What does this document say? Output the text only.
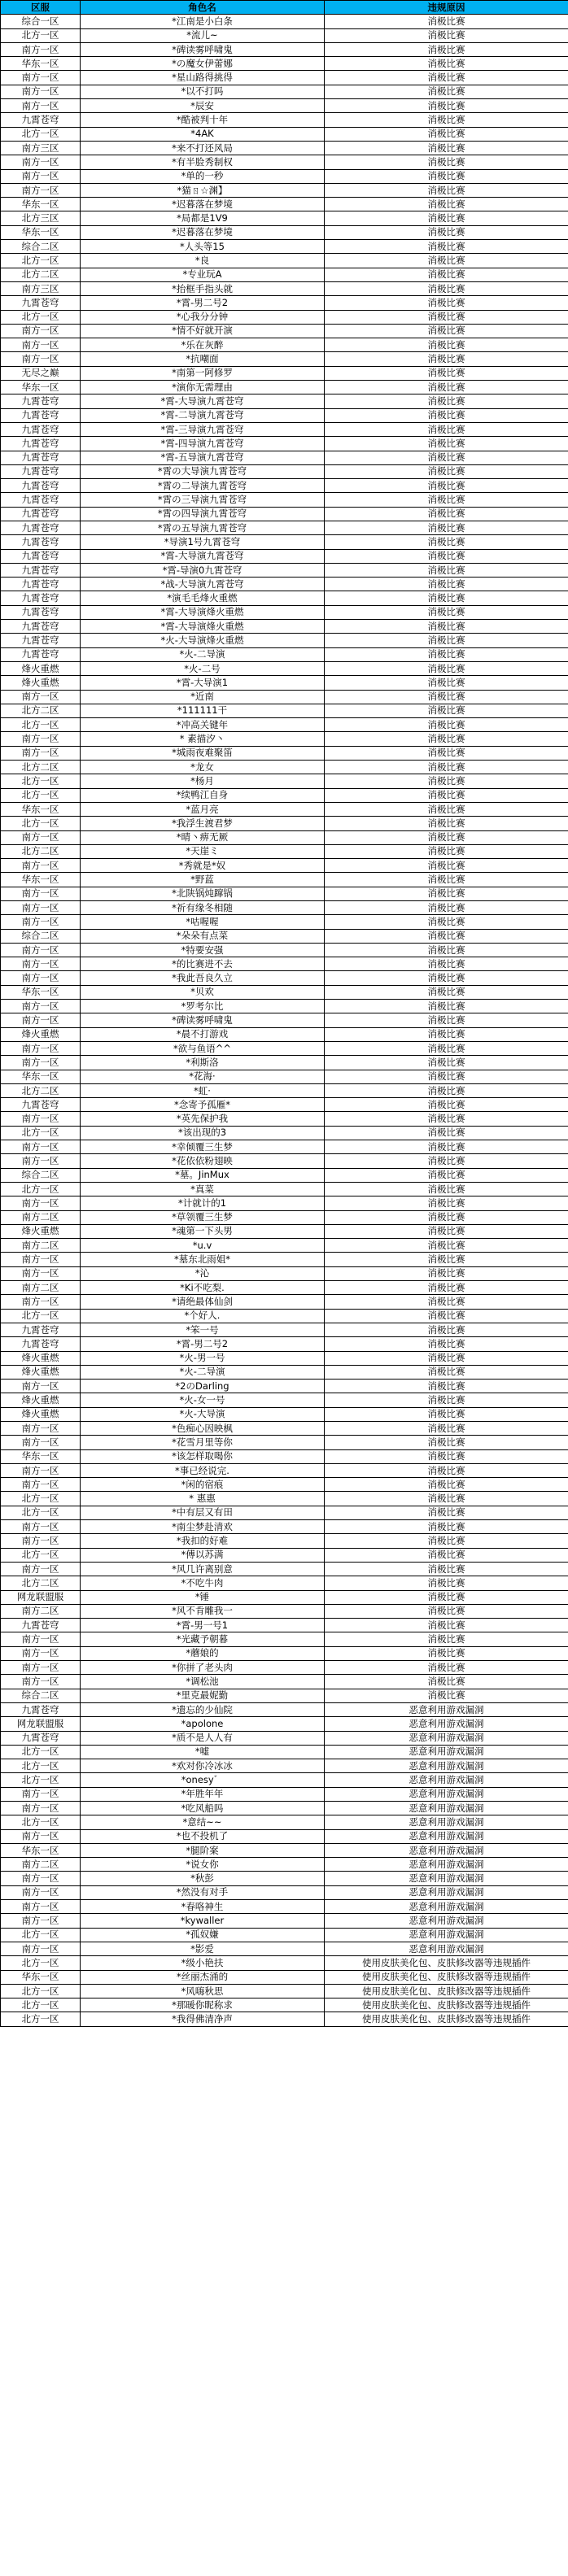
区服	角色名	违规原因
综合一区	*江南是小白条	消极比赛
北方一区	*流儿~	消极比赛
南方一区	*碑读雾呼啸鬼	消极比赛
华东一区	*の魔女伊蕾娜	消极比赛
南方一区	*星山路得挑得	消极比赛
南方一区	*以不打吗	消极比赛
南方一区	*辰安	消极比赛
九霄苍穹	*酷被判十年	消极比赛
北方一区	*4AK	消极比赛
南方三区	*来不打还风局	消极比赛
南方一区	*有半脸秀制权	消极比赛
南方一区	*单的一秒	消极比赛
南方一区	*猫ㄖ☆渊】	消极比赛
华东一区	*迟暮落在梦境	消极比赛
北方三区	*局都是1V9	消极比赛
华东一区	*迟暮落在梦境	消极比赛
综合二区	*人头等15	消极比赛
北方一区	*良	消极比赛
北方二区	*专业玩A	消极比赛
南方三区	*抬框手指头就	消极比赛
九霄苍穹	*霄-男二号2	消极比赛
北方一区	*心我分分钟	消极比赛
南方一区	*情不好就开演	消极比赛
南方一区	*乐在灰醉	消极比赛
南方一区	*抗嘲面	消极比赛
无尽之巅	*南第一阿修罗	消极比赛
华东一区	*演你无需理由	消极比赛
九霄苍穹	*霄-大导演九霄苍穹	消极比赛
九霄苍穹	*霄-二导演九霄苍穹	消极比赛
九霄苍穹	*霄-三导演九霄苍穹	消极比赛
九霄苍穹	*霄-四导演九霄苍穹	消极比赛
九霄苍穹	*霄-五导演九霄苍穹	消极比赛
九霄苍穹	*霄の大导演九霄苍穹	消极比赛
九霄苍穹	*霄の二导演九霄苍穹	消极比赛
九霄苍穹	*霄の三导演九霄苍穹	消极比赛
九霄苍穹	*霄の四导演九霄苍穹	消极比赛
九霄苍穹	*霄の五导演九霄苍穹	消极比赛
九霄苍穹	*导演1号九霄苍穹	消极比赛
九霄苍穹	*霄-大导演九霄苍穹	消极比赛
九霄苍穹	*霄-导演0九霄苍穹	消极比赛
九霄苍穹	*战-大导演九霄苍穹	消极比赛
九霄苍穹	*演毛毛烽火重燃	消极比赛
九霄苍穹	*霄-大导演烽火重燃	消极比赛
九霄苍穹	*霄-大导演烽火重燃	消极比赛
九霄苍穹	*火-大导演烽火重燃	消极比赛
九霄苍穹	*火-二导演	消极比赛
烽火重燃	*火-二号	消极比赛
烽火重燃	*霄-大导演1	消极比赛
南方一区	*近南	消极比赛
北方二区	*111111干	消极比赛
北方一区	*冲高关键年	消极比赛
南方一区	* 素描汐丶	消极比赛
南方一区	*城雨夜难聚笛	消极比赛
北方二区	*龙女	消极比赛
北方一区	*杨月	消极比赛
北方一区	*续鸭江自身	消极比赛
华东一区	*蓝月亮	消极比赛
北方一区	*我浮生渡君梦	消极比赛
南方一区	*晴丶痹无厥	消极比赛
北方二区	*天崖ミ	消极比赛
南方一区	*秀就是*奴	消极比赛
华东一区	*野蓝	消极比赛
南方一区	*北陕锅炖蹿锅	消极比赛
南方一区	*祈有缘冬相随	消极比赛
南方一区	*咕喔喔	消极比赛
综合二区	*朵朵有点菜	消极比赛
南方一区	*特要安强	消极比赛
南方一区	*的比赛进不去	消极比赛
南方一区	*我此吾良久立	消极比赛
华东一区	*贝欢	消极比赛
南方一区	*罗考尔比	消极比赛
南方一区	*碑读雾呼啸鬼	消极比赛
烽火重燃	*晨不打游戏	消极比赛
南方一区	*欲与鱼语^^	消极比赛
南方一区	*利斯洛	消极比赛
华东一区	*花海·	消极比赛
北方二区	*虹·	消极比赛
九霄苍穹	*念寄予孤雁*	消极比赛
南方一区	*英先保护我	消极比赛
北方一区	*该出现的3	消极比赛
南方一区	*幸倾覆三生梦	消极比赛
南方一区	*花依依粉翅映	消极比赛
综合二区	*墓。JinMux	消极比赛
北方一区	*真菜	消极比赛
南方一区	*计就计的1	消极比赛
南方二区	*草领覆三生梦	消极比赛
烽火重燃	*魂第一下头男	消极比赛
南方二区	*u.v	消极比赛
南方一区	*墓东北雨姐*	消极比赛
南方一区	*沁	消极比赛
南方二区	*Ki不吃梨.	消极比赛
南方一区	*请绝最体仙剑	消极比赛
北方一区	*个好人.	消极比赛
九霄苍穹	*笨一号	消极比赛
九霄苍穹	*霄-男二号2	消极比赛
烽火重燃	*火-男一号	消极比赛
烽火重燃	*火-二导演	消极比赛
南方一区	*2のDarling	消极比赛
烽火重燃	*火-女一号	消极比赛
烽火重燃	*火-大导演	消极比赛
南方一区	*色痴心因映枫	消极比赛
南方一区	*花雪月里等你	消极比赛
华东一区	*该怎样取喝你	消极比赛
南方一区	*事已经说完.	消极比赛
南方一区	*闲的宿痕	消极比赛
北方一区	* 惠惠	消极比赛
北方一区	*中有层又有田	消极比赛
南方一区	*南尘梦赴清欢	消极比赛
南方一区	*我扣的好难	消极比赛
北方一区	*傅以苏满	消极比赛
南方一区	*风几许离别意	消极比赛
北方二区	*不吃牛肉	消极比赛
网龙联盟服	*锤	消极比赛
南方二区	*风不肯雕我一	消极比赛
九霄苍穹	*霄-男一号1	消极比赛
南方一区	*光藏予朝暮	消极比赛
南方一区	*蘑娘的	消极比赛
南方一区	*你拼了老头肉	消极比赛
南方一区	*调松池	消极比赛
综合二区	*里克最妮勤	消极比赛
九霄苍穹	*遗忘的少仙院	恶意利用游戏漏洞
网龙联盟服	*apolone	恶意利用游戏漏洞
九霄苍穹	*质不是人人有	恶意利用游戏漏洞
北方一区	*嘘	恶意利用游戏漏洞
北方一区	*欢对你冷冰冰	恶意利用游戏漏洞
北方一区	*onesy゛	恶意利用游戏漏洞
南方一区	*年胜年年	恶意利用游戏漏洞
南方一区	*吃风船吗	恶意利用游戏漏洞
北方一区	*意结~~	恶意利用游戏漏洞
南方一区	*也不投机了	恶意利用游戏漏洞
华东一区	*腿阶案	恶意利用游戏漏洞
南方二区	*说女你	恶意利用游戏漏洞
南方一区	*秋彭	恶意利用游戏漏洞
南方一区	*然没有对手	恶意利用游戏漏洞
南方一区	*春咯神生	恶意利用游戏漏洞
南方一区	*kywaller	恶意利用游戏漏洞
北方一区	*孤奴嫌	恶意利用游戏漏洞
南方一区	*影爱	恶意利用游戏漏洞
北方一区	*级小艳扶	使用皮肤美化包、皮肤修改器等违规插件
华东一区	*丝丽杰涌的	使用皮肤美化包、皮肤修改器等违规插件
北方一区	*风嗨秋思	使用皮肤美化包、皮肤修改器等违规插件
北方一区	*那暖你昵称求	使用皮肤美化包、皮肤修改器等违规插件
北方一区	*我得佛清净声	使用皮肤美化包、皮肤修改器等违规插件
